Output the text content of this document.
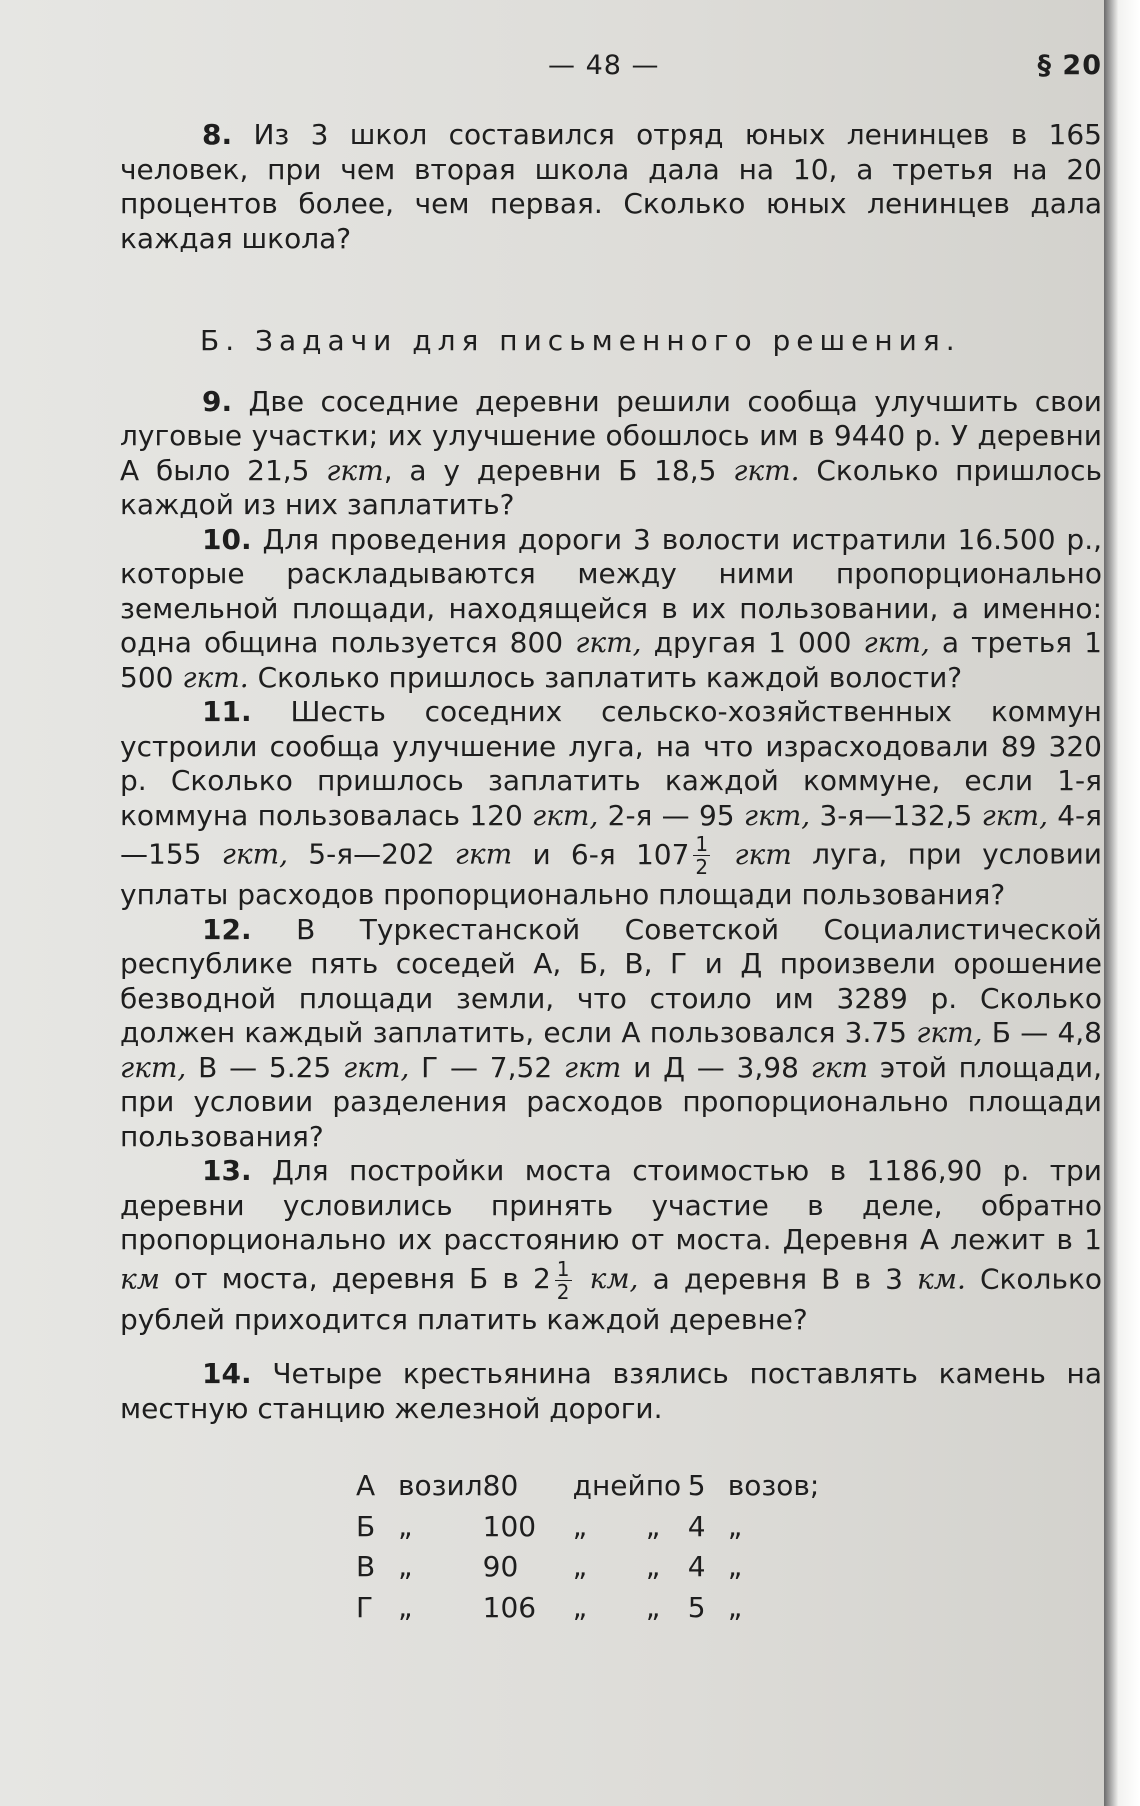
— 48 —	§ 20

8. Из 3 школ составился отряд юных ленинцев в 165 человек, при чем вторая школа дала на 10, а третья на 20 процентов более, чем первая. Сколько юных ленинцев дала каждая школа?

Б. Задачи для письменного решения.

9. Две соседние деревни решили сообща улучшить свои луговые участки; их улучшение обошлось им в 9440 р. У деревни А было 21,5 гкт, а у деревни Б 18,5 гкт. Сколько пришлось каждой из них заплатить?

10. Для проведения дороги 3 волости истратили 16.500 р., которые раскладываются между ними пропорционально земельной площади, находящейся в их пользовании, а именно: одна община пользуется 800 гкт, другая 1 000 гкт, а третья 1 500 гкт. Сколько пришлось заплатить каждой волости?

11. Шесть соседних сельско-хозяйственных коммун устроили сообща улучшение луга, на что израсходовали 89 320 р. Сколько пришлось заплатить каждой коммуне, если 1-я коммуна пользовалась 120 гкт, 2-я — 95 гкт, 3-я—132,5 гкт, 4-я—155 гкт, 5-я—202 гкт и 6-я $107 \frac{1}{2}$ гкт луга, при условии уплаты расходов пропорционально площади пользования?

12. В Туркестанской Советской Социалистической республике пять соседей А, Б, В, Г и Д произвели орошение безводной площади земли, что стоило им 3289 р. Сколько должен каждый заплатить, если А пользовался 3.75 гкт, Б — 4,8 гкт, В — 5.25 гкт, Г — 7,52 гкт и Д — 3,98 гкт этой площади, при условии разделения расходов пропорционально площади пользования?

13. Для постройки моста стоимостью в 1186,90 р. три деревни условились принять участие в деле, обратно пропорционально их расстоянию от моста. Деревня А лежит в 1 км от моста, деревня Б в $2 \frac{1}{2}$ км, а деревня В в 3 км. Сколько рублей приходится платить каждой деревне?

14. Четыре крестьянина взялись поставлять камень на местную станцию железной дороги.

А	возил	80	дней	по	5	возов;
Б	„	100	„	„	4	„
В	„	90	„	„	4	„
Г	„	106	„	„	5	„
